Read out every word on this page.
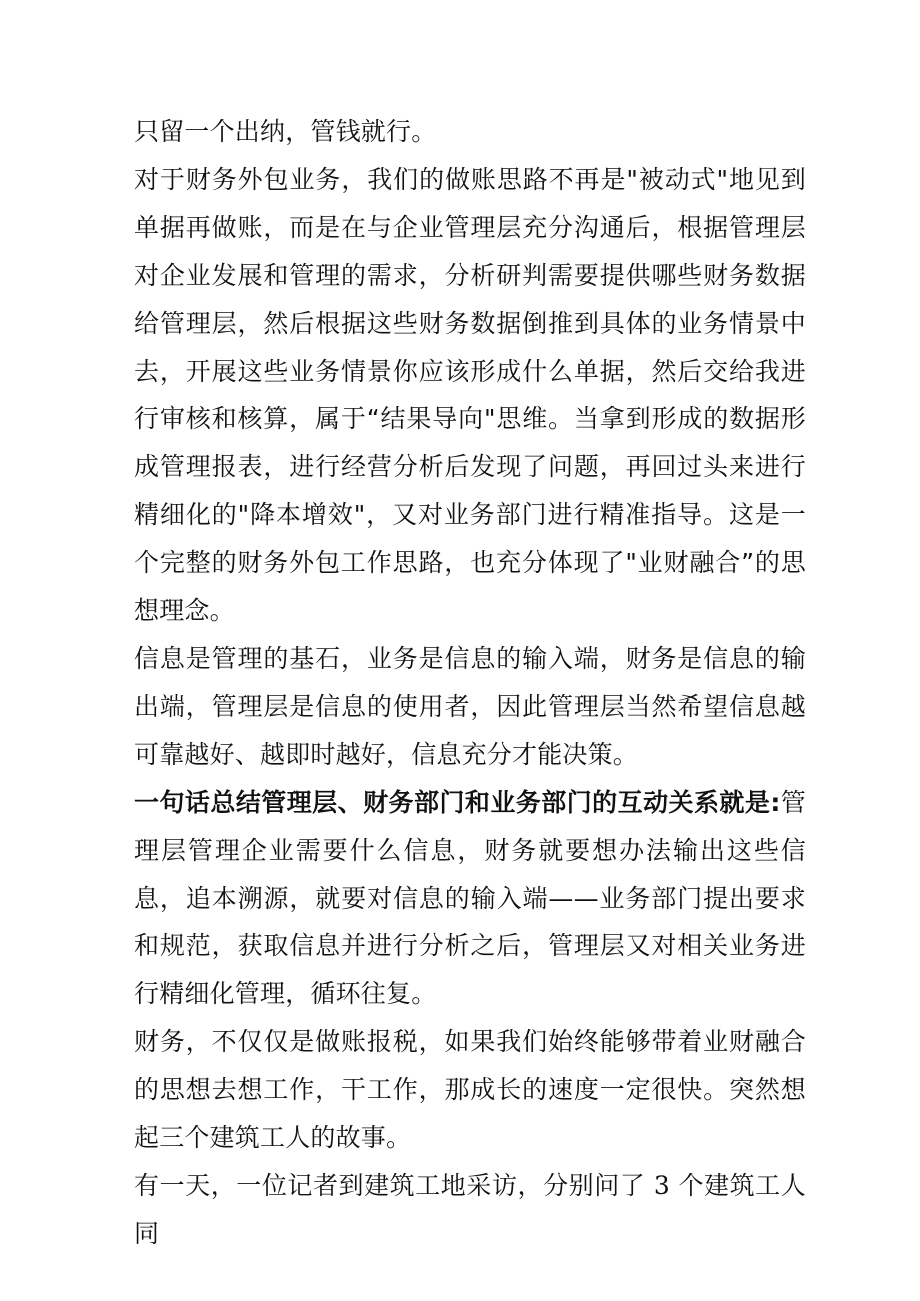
只留一个出纳，管钱就行。

对于财务外包业务，我们的做账思路不再是"被动式"地见到单据再做账，而是在与企业管理层充分沟通后，根据管理层对企业发展和管理的需求，分析研判需要提供哪些财务数据给管理层，然后根据这些财务数据倒推到具体的业务情景中去，开展这些业务情景你应该形成什么单据，然后交给我进行审核和核算，属于“结果导向"思维。当拿到形成的数据形成管理报表，进行经营分析后发现了问题，再回过头来进行精细化的"降本增效"，又对业务部门进行精准指导。这是一个完整的财务外包工作思路，也充分体现了"业财融合”的思想理念。

信息是管理的基石，业务是信息的输入端，财务是信息的输出端，管理层是信息的使用者，因此管理层当然希望信息越可靠越好、越即时越好，信息充分才能决策。

一句话总结管理层、财务部门和业务部门的互动关系就是:管理层管理企业需要什么信息，财务就要想办法输出这些信息，追本溯源，就要对信息的输入端——业务部门提出要求和规范，获取信息并进行分析之后，管理层又对相关业务进行精细化管理，循环往复。

财务，不仅仅是做账报税，如果我们始终能够带着业财融合的思想去想工作，干工作，那成长的速度一定很快。突然想起三个建筑工人的故事。

有一天，一位记者到建筑工地采访，分别问了 3 个建筑工人同
